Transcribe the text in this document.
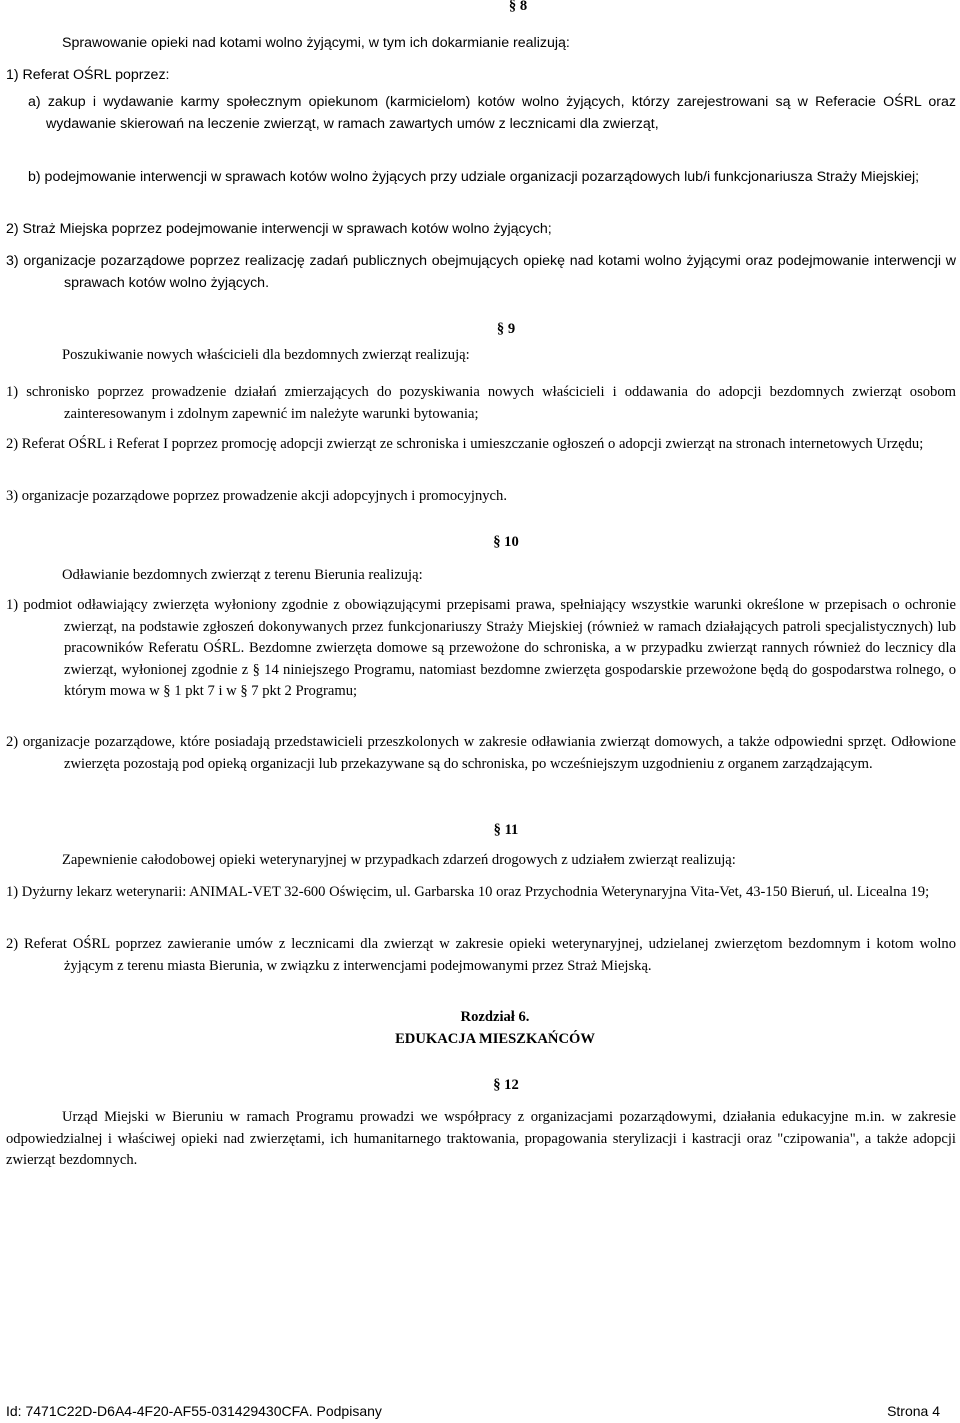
§ 8
Sprawowanie opieki nad kotami wolno żyjącymi, w tym ich dokarmianie realizują:
1) Referat OŚRL poprzez:
a) zakup i wydawanie karmy społecznym opiekunom (karmicielom) kotów wolno żyjących, którzy zarejestrowani są w Referacie OŚRL oraz wydawanie skierowań na leczenie zwierząt, w ramach zawartych umów z lecznicami dla zwierząt,
b) podejmowanie interwencji w sprawach kotów wolno żyjących przy udziale organizacji pozarządowych lub/i funkcjonariusza Straży Miejskiej;
2) Straż Miejska poprzez podejmowanie interwencji w sprawach kotów wolno żyjących;
3) organizacje pozarządowe poprzez realizację zadań publicznych obejmujących opiekę nad kotami wolno żyjącymi oraz podejmowanie interwencji w sprawach kotów wolno żyjących.
§ 9
Poszukiwanie nowych właścicieli dla bezdomnych zwierząt realizują:
1) schronisko poprzez prowadzenie działań zmierzających do pozyskiwania nowych właścicieli i oddawania do adopcji bezdomnych zwierząt osobom zainteresowanym i zdolnym zapewnić im należyte warunki bytowania;
2) Referat OŚRL i Referat I poprzez promocję adopcji zwierząt ze schroniska i umieszczanie ogłoszeń o adopcji zwierząt na stronach internetowych Urzędu;
3) organizacje pozarządowe poprzez prowadzenie akcji adopcyjnych i promocyjnych.
§ 10
Odławianie bezdomnych zwierząt z terenu Bierunia realizują:
1) podmiot odławiający zwierzęta wyłoniony zgodnie z obowiązującymi przepisami prawa, spełniający wszystkie warunki określone w przepisach o ochronie zwierząt, na podstawie zgłoszeń dokonywanych przez funkcjonariuszy Straży Miejskiej (również w ramach działających patroli specjalistycznych) lub pracowników Referatu OŚRL. Bezdomne zwierzęta domowe są przewożone do schroniska, a w przypadku zwierząt rannych również do lecznicy dla zwierząt, wyłonionej zgodnie z § 14 niniejszego Programu, natomiast bezdomne zwierzęta gospodarskie przewożone będą do gospodarstwa rolnego, o którym mowa w § 1 pkt 7 i w § 7 pkt 2 Programu;
2) organizacje pozarządowe, które posiadają przedstawicieli przeszkolonych w zakresie odławiania zwierząt domowych, a także odpowiedni sprzęt. Odłowione zwierzęta pozostają pod opieką organizacji lub przekazywane są do schroniska, po wcześniejszym uzgodnieniu z organem zarządzającym.
§ 11
Zapewnienie całodobowej opieki weterynaryjnej w przypadkach zdarzeń drogowych z udziałem zwierząt realizują:
1) Dyżurny lekarz weterynarii: ANIMAL-VET 32-600 Oświęcim, ul. Garbarska 10 oraz Przychodnia Weterynaryjna Vita-Vet, 43-150 Bieruń, ul. Licealna 19;
2) Referat OŚRL poprzez zawieranie umów z lecznicami dla zwierząt w zakresie opieki weterynaryjnej, udzielanej zwierzętom bezdomnym i kotom wolno żyjącym z terenu miasta Bierunia, w związku z interwencjami podejmowanymi przez Straż Miejską.
Rozdział 6.
EDUKACJA MIESZKAŃCÓW
§ 12
Urząd Miejski w Bieruniu w ramach Programu prowadzi we współpracy z organizacjami pozarządowymi, działania edukacyjne m.in. w zakresie odpowiedzialnej i właściwej opieki nad zwierzętami, ich humanitarnego traktowania, propagowania sterylizacji i kastracji oraz "czipowania", a także adopcji zwierząt bezdomnych.
Id: 7471C22D-D6A4-4F20-AF55-031429430CFA. Podpisany	Strona 4
